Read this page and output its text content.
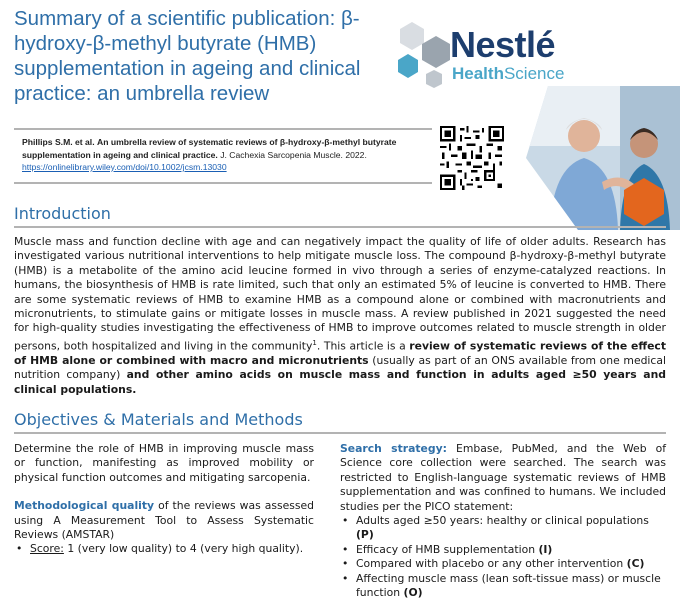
Summary of a scientific publication: β-hydroxy-β-methyl butyrate (HMB) supplementation in ageing and clinical practice: an umbrella review
Nestlé
HealthScience

Phillips S.M. et al. An umbrella review of systematic reviews of β-hydroxy-β-methyl butyrate supplementation in ageing and clinical practice. J. Cachexia Sarcopenia Muscle. 2022.
https://onlinelibrary.wiley.com/doi/10.1002/jcsm.13030

Introduction

Muscle mass and function decline with age and can negatively impact the quality of life of older adults. Research has investigated various nutritional interventions to help mitigate muscle loss. The compound β-hydroxy-β-methyl butyrate (HMB) is a metabolite of the amino acid leucine formed in vivo through a series of enzyme-catalyzed reactions. In humans, the biosynthesis of HMB is rate limited, such that only an estimated 5% of leucine is converted to HMB. There are some systematic reviews of HMB to examine HMB as a compound alone or combined with macronutrients and micronutrients, to stimulate gains or mitigate losses in muscle mass. A review published in 2021 suggested the need for high-quality studies investigating the effectiveness of HMB to improve outcomes related to muscle strength in older persons, both hospitalized and living in the community$^1$. This article is a review of systematic reviews of the effect of HMB alone or combined with macro and micronutrients (usually as part of an ONS available from one medical nutrition company) and other amino acids on muscle mass and function in adults aged ≥50 years and clinical populations.

Objectives & Materials and Methods

Determine the role of HMB in improving muscle mass or function, manifesting as improved mobility or physical function outcomes and mitigating sarcopenia.

Methodological quality of the reviews was assessed using A Measurement Tool to Assess Systematic Reviews (AMSTAR)

• Score: 1 (very low quality) to 4 (very high quality).

Search strategy: Embase, PubMed, and the Web of Science core collection were searched. The search was restricted to English-language systematic reviews of HMB supplementation and was confined to humans. We included studies per the PICO statement:

• Adults aged ≥50 years: healthy or clinical populations (P)
• Efficacy of HMB supplementation (I)
• Compared with placebo or any other intervention (C)
• Affecting muscle mass (lean soft-tissue mass) or muscle function (O)
